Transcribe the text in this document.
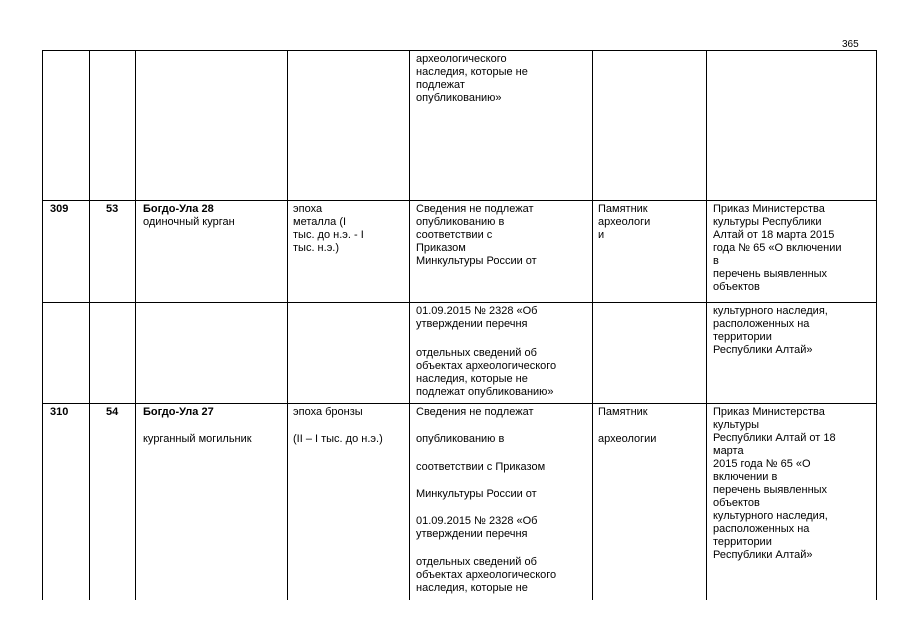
365
археологического
наследия, которые не
подлежат
опубликованию»
309	53 Богдо-Ула 28
одиночный курган
эпоха
металла (I
тыс. до н.э. - I
тыс. н.э.)
Сведения не подлежат
опубликованию в
соответствии с
Приказом
Минкультуры России от
01.09.2015 № 2328 «Об
утверждении перечня
отдельных сведений об
объектах археологического
наследия, которые не
подлежат опубликованию»
Памятник
археологи
и
Приказ Министерства
культуры Республики
Алтай от 18 марта 2015
года № 65 «О включении
в
перечень выявленных
объектов
культурного наследия,
расположенных на
территории
Республики Алтай»
310	54 Богдо-Ула 27
курганный могильник
эпоха бронзы
(II – I тыс. до н.э.)
Сведения не подлежат
опубликованию в
соответствии с Приказом
Минкультуры России от
01.09.2015 № 2328 «Об
утверждении перечня
отдельных сведений об
объектах археологического
наследия, которые не
Памятник
археологии
Приказ Министерства
культуры
Республики Алтай от 18
марта
2015 года № 65 «О
включении в
перечень выявленных
объектов
культурного наследия,
расположенных на
территории
Республики Алтай»
